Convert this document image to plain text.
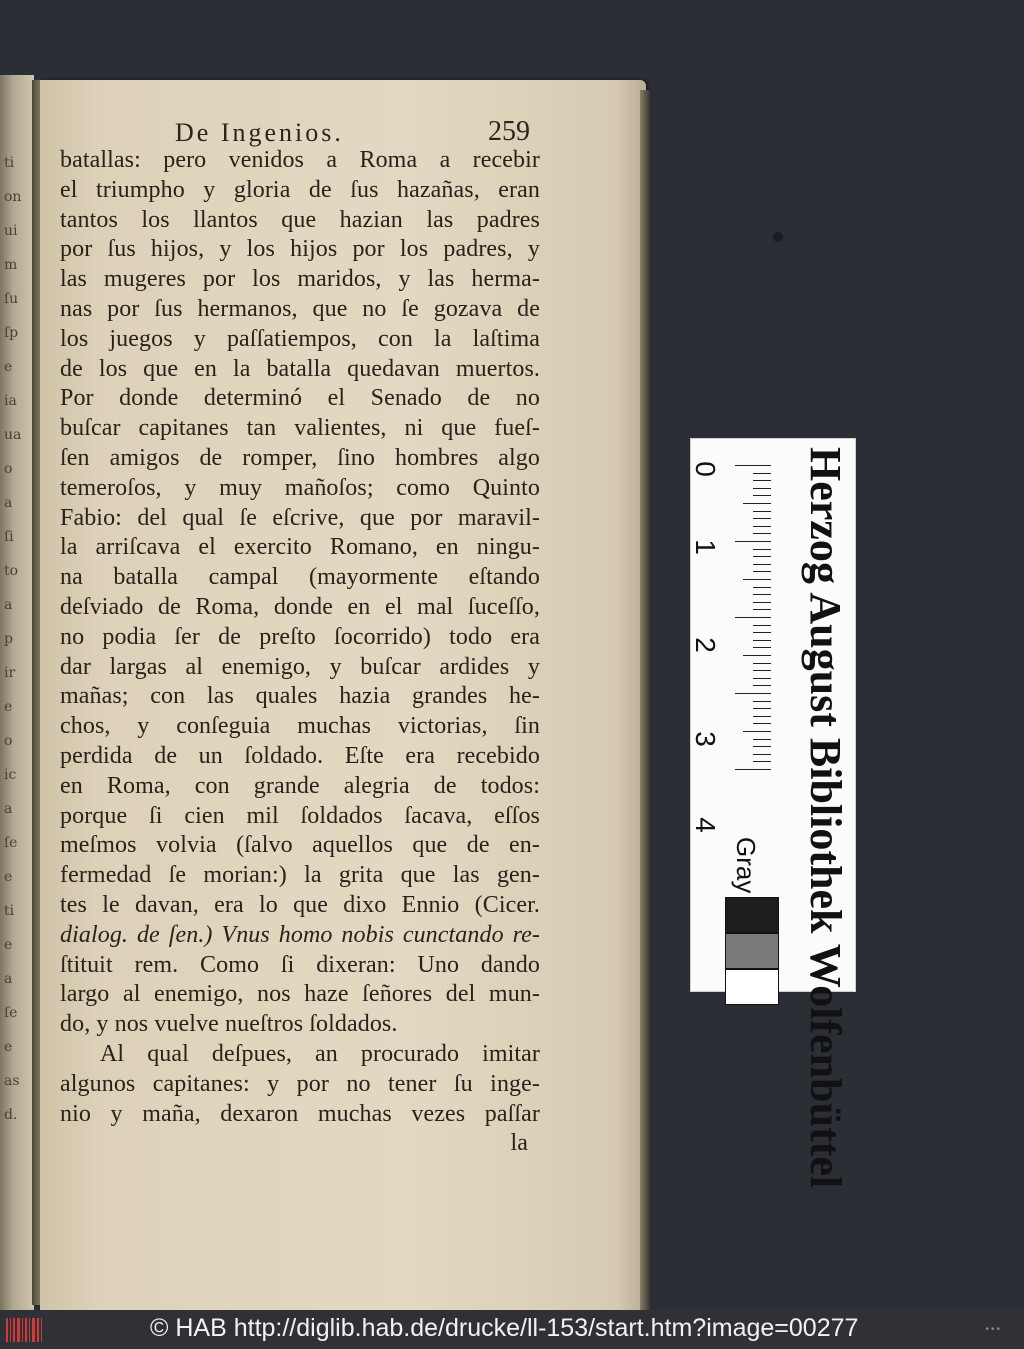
ti
on
ui
m
ſu
ſp
e
ia
ua
o
a
ſi
to
a
p
ir
e
o
ic
a
ſe
e
ti
e
a
ſe
e
as
d.
De Ingenios.	259
batallas: pero venidos a Roma a recebir
el triumpho y gloria de ſus hazañas, eran
tantos los llantos que hazian las padres
por ſus hijos, y los hijos por los padres, y
las mugeres por los maridos, y las herma-
nas por ſus hermanos, que no ſe gozava de
los juegos y paſſatiempos, con la laſtima
de los que en la batalla quedavan muertos.
Por donde determinó el Senado de no
buſcar capitanes tan valientes, ni que fueſ-
ſen amigos de romper, ſino hombres algo
temeroſos, y muy mañoſos; como Quinto
Fabio: del qual ſe eſcrive, que por maravil-
la arriſcava el exercito Romano, en ningu-
na batalla campal (mayormente eſtando
deſviado de Roma, donde en el mal ſuceſſo,
no podia ſer de preſto ſocorrido) todo era
dar largas al enemigo, y buſcar ardides y
mañas; con las quales hazia grandes he-
chos, y conſeguia muchas victorias, ſin
perdida de un ſoldado. Eſte era recebido
en Roma, con grande alegria de todos:
porque ſi cien mil ſoldados ſacava, eſſos
meſmos volvia (ſalvo aquellos que de en-
fermedad ſe morian:) la grita que las gen-
tes le davan, era lo que dixo Ennio (Cicer.
dialog. de ſen.) Vnus homo nobis cunctando re-
ſtituit rem. Como ſi dixeran: Uno dando
largo al enemigo, nos haze ſeñores del mun-
do, y nos vuelve nueſtros ſoldados.
Al qual deſpues, an procurado imitar
algunos capitanes: y por no tener ſu inge-
nio y maña, dexaron muchas vezes paſſar
la
0
1
2
3
4	Herzog August Bibliothek Wolfenbüttel
© HAB http://diglib.hab.de/drucke/ll-153/start.htm?image=00277	•••
